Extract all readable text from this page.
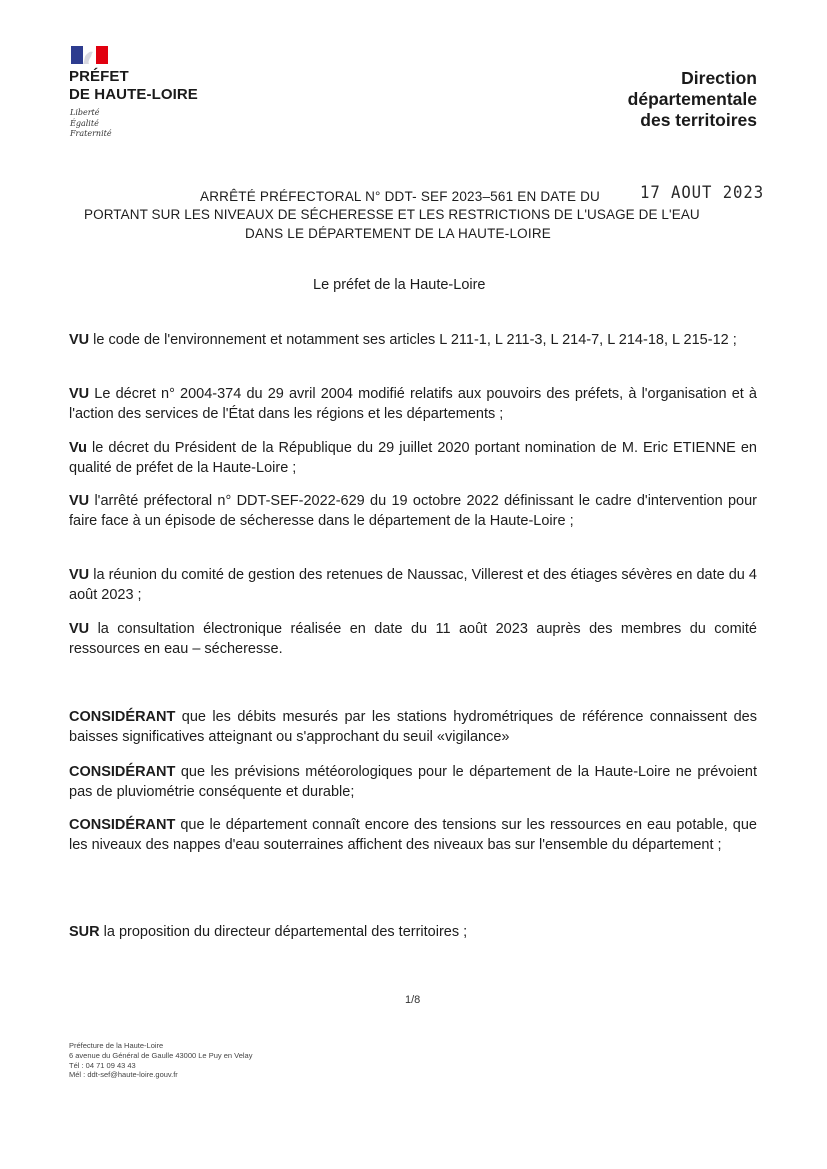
PRÉFET
DE HAUTE-LOIRE
Liberté
Égalité
Fraternité
Direction
départementale
des territoires
ARRÊTÉ PRÉFECTORAL N° DDT- SEF 2023–561 EN DATE DU 17 AOUT 2023
PORTANT SUR LES NIVEAUX DE SÉCHERESSE ET LES RESTRICTIONS DE L'USAGE DE L'EAU
DANS LE DÉPARTEMENT DE LA HAUTE-LOIRE
Le préfet de la Haute-Loire
VU le code de l'environnement et notamment ses articles L 211-1, L 211-3, L 214-7, L 214-18, L 215-12 ;
VU Le décret n° 2004-374 du 29 avril 2004 modifié relatifs aux pouvoirs des préfets, à l'organisation et à l'action des services de l'État dans les régions et les départements ;
Vu le décret du Président de la République du 29 juillet 2020 portant nomination de M. Eric ETIENNE en qualité de préfet de la Haute-Loire ;
VU l'arrêté préfectoral n° DDT-SEF-2022-629 du 19 octobre 2022 définissant le cadre d'intervention pour faire face à un épisode de sécheresse dans le département de la Haute-Loire ;
VU la réunion du comité de gestion des retenues de Naussac, Villerest et des étiages sévères en date du 4 août 2023 ;
VU la consultation électronique réalisée en date du 11 août 2023 auprès des membres du comité ressources en eau – sécheresse.
CONSIDÉRANT que les débits mesurés par les stations hydrométriques de référence connaissent des baisses significatives atteignant ou s'approchant du seuil «vigilance»
CONSIDÉRANT que les prévisions météorologiques pour le département de la Haute-Loire ne prévoient pas de pluviométrie conséquente et durable;
CONSIDÉRANT que le département connaît encore des tensions sur les ressources en eau potable, que les niveaux des nappes d'eau souterraines affichent des niveaux bas sur l'ensemble du département ;
SUR la proposition du directeur départemental des territoires ;
1/8
Préfecture de la Haute-Loire
6 avenue du Général de Gaulle 43000 Le Puy en Velay
Tél : 04 71 09 43 43
Mél : ddt-sef@haute-loire.gouv.fr
